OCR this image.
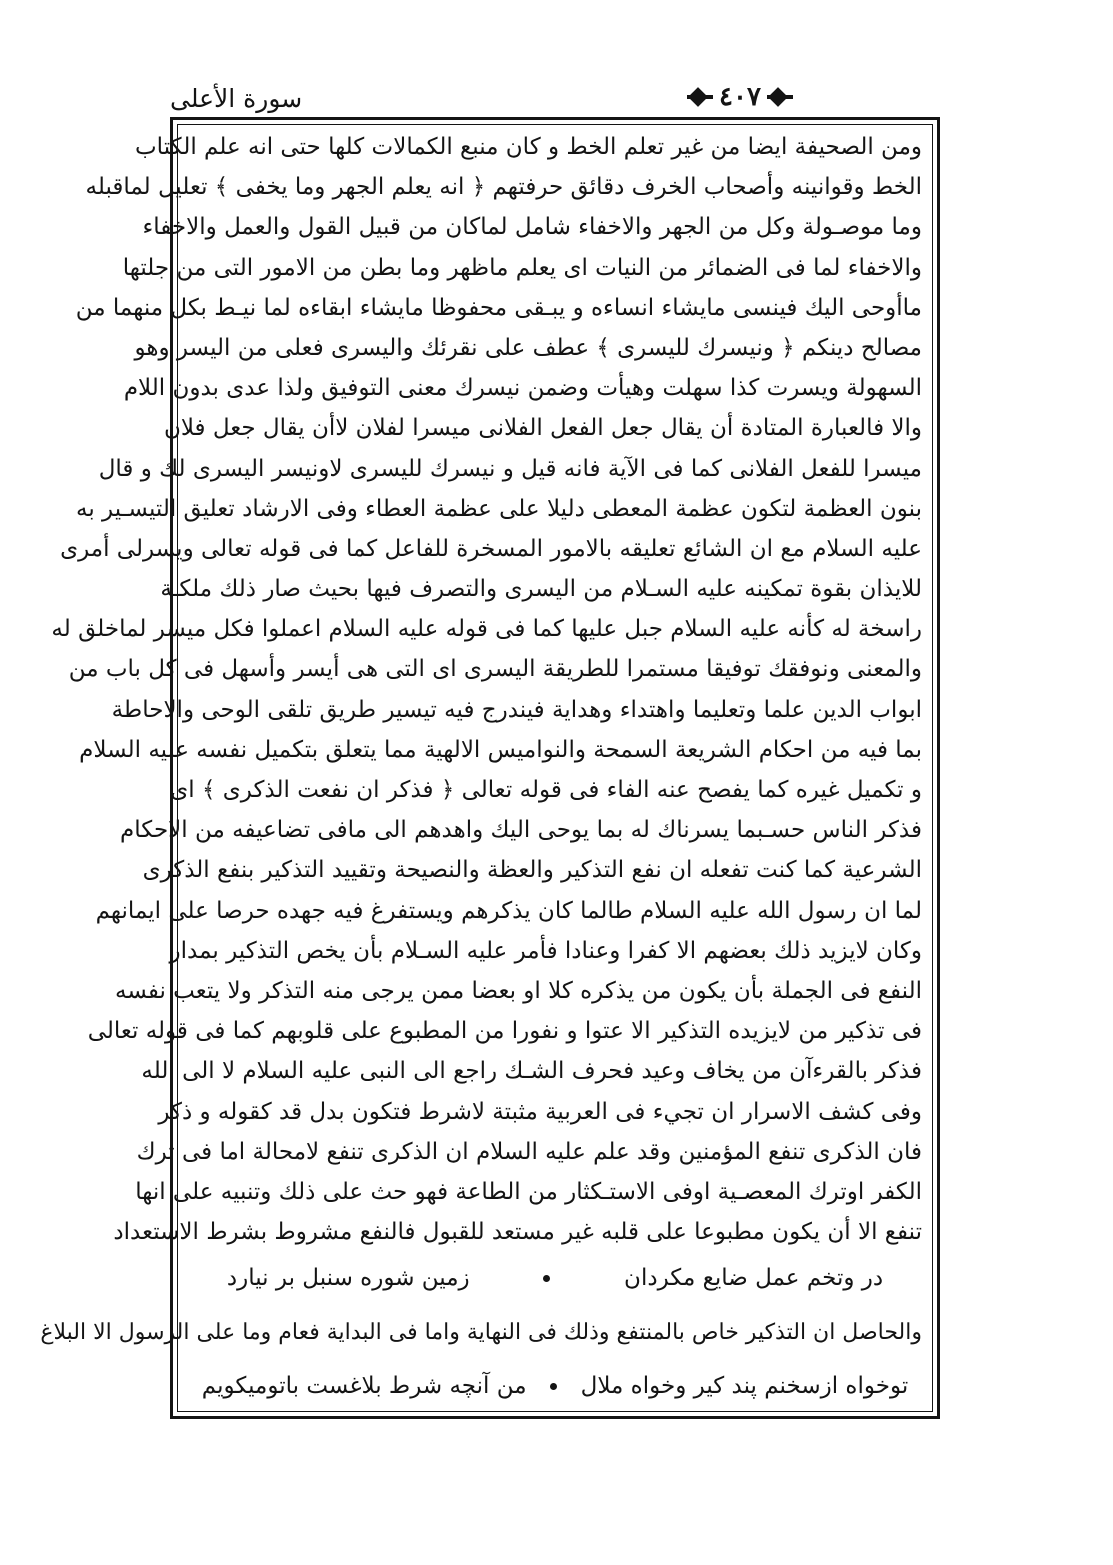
سورة الأعلى	٤٠٧
ومن الصحيفة ايضا من غير تعلم الخط و كان منبع الكمالات كلها حتى انه علم الكتاب
الخط وقوانينه وأصحاب الخرف دقائق حرفتهم ﴿ انه يعلم الجهر وما يخفى ﴾ تعليل لماقبله
وما موصـولة وكل من الجهر والاخفاء شامل لماكان من قبيل القول والعمل والاخفاء
والاخفاء لما فى الضمائر من النيات اى يعلم ماظهر وما بطن من الامور التى من جلتها
ماأوحى اليك فينسى مايشاء انساءه و يبـقى محفوظا مايشاء ابقاءه لما نيـط بكل منهما من
مصالح دينكم ﴿ ونيسرك لليسرى ﴾ عطف على نقرئك واليسرى فعلى من اليسر وهو
السهولة ويسرت كذا سهلت وهيأت وضمن نيسرك معنى التوفيق ولذا عدى بدون اللام
والا فالعبارة المتادة أن يقال جعل الفعل الفلانى ميسرا لفلان لاأن يقال جعل فلان
ميسرا للفعل الفلانى كما فى الآية فانه قيل و نيسرك لليسرى لاونيسر اليسرى لك و قال
بنون العظمة لتكون عظمة المعطى دليلا على عظمة العطاء وفى الارشاد تعليق التيسـير به
عليه السلام مع ان الشائع تعليقه بالامور المسخرة للفاعل كما فى قوله تعالى ويسرلى أمرى
للايذان بقوة تمكينه عليه السـلام من اليسرى والتصرف فيها بحيث صار ذلك ملكـة
راسخة له كأنه عليه السلام جبل عليها كما فى قوله عليه السلام اعملوا فكل ميسر لماخلق له
والمعنى ونوفقك توفيقا مستمرا للطريقة اليسرى اى التى هى أيسر وأسهل فى كل باب من
ابواب الدين علما وتعليما واهتداء وهداية فيندرج فيه تيسير طريق تلقى الوحى والاحاطة
بما فيه من احكام الشريعة السمحة والنواميس الالهية مما يتعلق بتكميل نفسه عليه السلام
و تكميل غيره كما يفصح عنه الفاء فى قوله تعالى ﴿ فذكر ان نفعت الذكرى ﴾ اى
فذكر الناس حسـبما يسرناك له بما يوحى اليك واهدهم الى مافى تضاعيفه من الاحكام
الشرعية كما كنت تفعله ان نفع التذكير والعظة والنصيحة وتقييد التذكير بنفع الذكرى
لما ان رسول الله عليه السلام طالما كان يذكرهم ويستفرغ فيه جهده حرصا على ايمانهم
وكان لايزيد ذلك بعضهم الا كفرا وعنادا فأمر عليه السـلام بأن يخص التذكير بمدار
النفع فى الجملة بأن يكون من يذكره كلا او بعضا ممن يرجى منه التذكر ولا يتعب نفسه
فى تذكير من لايزيده التذكير الا عتوا و نفورا من المطبوع على قلوبهم كما فى قوله تعالى
فذكر بالقرءآن من يخاف وعيد فحرف الشـك راجع الى النبى عليه السلام لا الى الله
وفى كشف الاسرار ان تجيء فى العربية مثبتة لاشرط فتكون بدل قد كقوله و ذكر
فان الذكرى تنفع المؤمنين وقد علم عليه السلام ان الذكرى تنفع لامحالة اما فى ترك
الكفر اوترك المعصـية اوفى الاستـكثار من الطاعة فهو حث على ذلك وتنبيه على انها
تنفع الا أن يكون مطبوعا على قلبه غير مستعد للقبول فالنفع مشروط بشرط الاستعداد
در وتخم عمل ضايع مكردان
زمين شوره سنبل بر نيارد
والحاصل ان التذكير خاص بالمنتفع وذلك فى النهاية واما فى البداية فعام وما على الرسول الا البلاغ
توخواه ازسخنم پند كير وخواه ملال
من آنچه شرط بلاغست باتوميكويم
